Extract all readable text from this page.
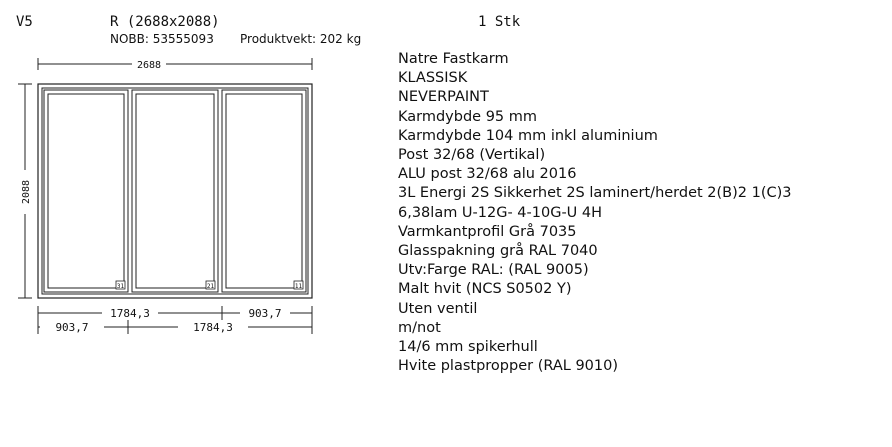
V5	R (2688x2088)
NOBB: 53555093 Produktvekt: 202 kg
1 Stk
2688
2088
31	21	11
1784,3	903,7
903,7	1784,3
Natre Fastkarm
KLASSISK
NEVERPAINT
Karmdybde 95 mm
Karmdybde 104 mm inkl aluminium
Post 32/68 (Vertikal)
ALU post 32/68 alu 2016
3L Energi 2S Sikkerhet 2S laminert/herdet 2(B)2 1(C)3
6,38lam U-12G- 4-10G-U 4H
Varmkantprofil Grå 7035
Glasspakning grå RAL 7040
Utv:Farge RAL: (RAL 9005)
Malt hvit (NCS S0502 Y)
Uten ventil
m/not
14/6 mm spikerhull
Hvite plastpropper (RAL 9010)
